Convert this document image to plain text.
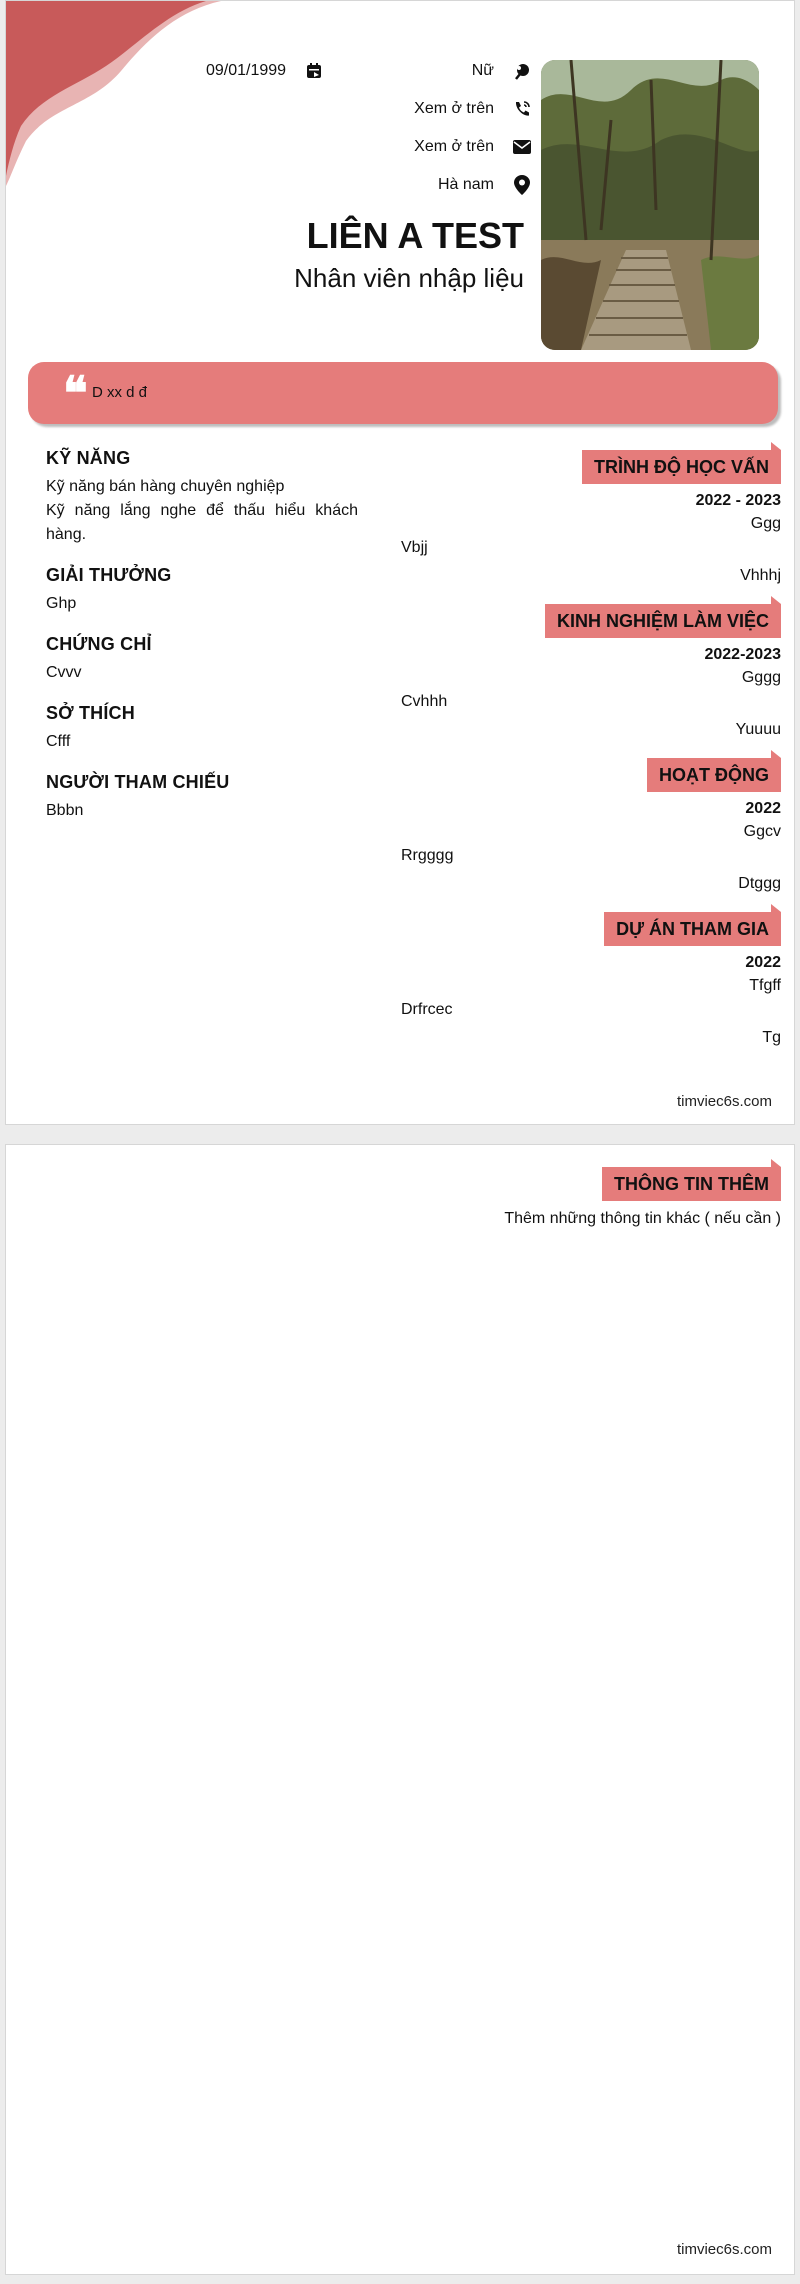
09/01/1999	Nữ
Xem ở trên
Xem ở trên
Hà nam
LIÊN A TEST
Nhân viên nhập liệu
❝ D xx d đ
KỸ NĂNG
Kỹ năng bán hàng chuyên nghiệp
Kỹ năng lắng nghe để thấu hiểu khách hàng.
GIẢI THƯỞNG
Ghp
CHỨNG CHỈ
Cvvv
SỞ THÍCH
Cfff
NGƯỜI THAM CHIẾU
Bbbn
TRÌNH ĐỘ HỌC VẤN
2022 - 2023
Ggg
Vbjj
Vhhhj
KINH NGHIỆM LÀM VIỆC
2022-2023
Gggg
Cvhhh
Yuuuu
HOẠT ĐỘNG
2022
Ggcv
Rrgggg
Dtggg
DỰ ÁN THAM GIA
2022
Tfgff
Drfrcec
Tg
timviec6s.com
THÔNG TIN THÊM
Thêm những thông tin khác ( nếu cần )
timviec6s.com
